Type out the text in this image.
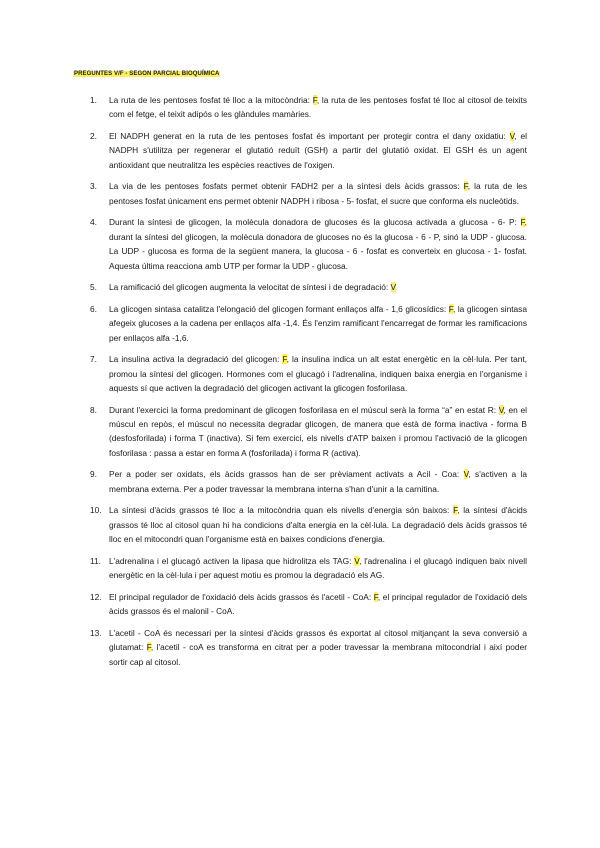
PREGUNTES V/F - SEGON PARCIAL BIOQUÍMICA
1. La ruta de les pentoses fosfat té lloc a la mitocòndria: F, la ruta de les pentoses fosfat té lloc al citosol de teixits com el fetge, el teixit adipós o les glàndules mamàries.
2. El NADPH generat en la ruta de les pentoses fosfat és important per protegir contra el dany oxidatiu: V, el NADPH s'utilitza per regenerar el glutatió reduït (GSH) a partir del glutatió oxidat. El GSH és un agent antioxidant que neutralitza les espècies reactives de l'oxigen.
3. La via de les pentoses fosfats permet obtenir FADH2 per a la síntesi dels àcids grassos: F, la ruta de les pentoses fosfat únicament ens permet obtenir NADPH i ribosa - 5- fosfat, el sucre que conforma els nucleòtids.
4. Durant la síntesi de glicogen, la molècula donadora de glucoses és la glucosa activada a glucosa - 6- P: F, durant la síntesi del glicogen, la molècula donadora de glucoses no és la glucosa - 6 - P, sinó la UDP - glucosa. La UDP - glucosa es forma de la següent manera, la glucosa - 6 - fosfat es converteix en glucosa - 1- fosfat. Aquesta última reacciona amb UTP per formar la UDP - glucosa.
5. La ramificació del glicogen augmenta la velocitat de síntesi i de degradació: V
6. La glicogen sintasa catalitza l'elongació del glicogen formant enllaços alfa - 1,6 glicosídics: F, la glicogen sintasa afegeix glucoses a la cadena per enllaços alfa -1,4. És l'enzim ramificant l'encarregat de formar les ramificacions per enllaços alfa -1,6.
7. La insulina activa la degradació del glicogen: F, la insulina indica un alt estat energètic en la cèl·lula. Per tant, promou la síntesi del glicogen. Hormones com el glucagó i l'adrenalina, indiquen baixa energia en l'organisme i aquests sí que activen la degradació del glicogen activant la glicogen fosforilasa.
8. Durant l'exercici la forma predominant de glicogen fosforilasa en el múscul serà la forma “a” en estat R: V, en el múscul en repòs, el múscul no necessita degradar glicogen, de manera que està de forma inactiva - forma B (desfosforilada) i forma T (inactiva). Si fem exercici, els nivells d'ATP baixen i promou l'activació de la glicogen fosforilasa : passa a estar en forma A (fosforilada) i forma R (activa).
9. Per a poder ser oxidats, els àcids grassos han de ser prèviament activats a Acil - Coa: V, s'activen a la membrana externa. Per a poder travessar la membrana interna s'han d'unir a la carnitina.
10. La síntesi d'àcids grassos té lloc a la mitocòndria quan els nivells d'energia són baixos: F, la síntesi d'àcids grassos té lloc al citosol quan hi ha condicions d'alta energia en la cèl·lula. La degradació dels àcids grassos té lloc en el mitocondri quan l'organisme està en baixes condicions d'energia.
11. L'adrenalina i el glucagó activen la lipasa que hidrolitza els TAG: V, l'adrenalina i el glucagó indiquen baix nivell energètic en la cèl·lula i per aquest motiu es promou la degradació els AG.
12. El principal regulador de l'oxidació dels àcids grassos és l'acetil - CoA: F, el principal regulador de l'oxidació dels àcids grassos és el malonil - CoA.
13. L'acetil - CoA és necessari per la síntesi d'àcids grassos és exportat al citosol mitjançant la seva conversió a glutamat: F, l'acetil - coA es transforma en citrat per a poder travessar la membrana mitocondrial i així poder sortir cap al citosol.
